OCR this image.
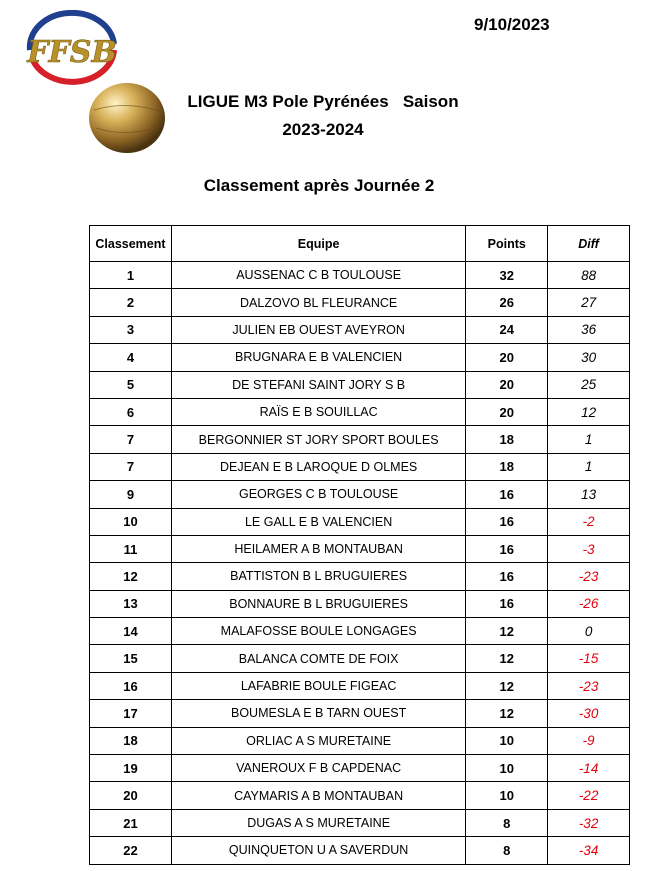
FFSB
9/10/2023
LIGUE M3 Pole Pyrénées   Saison
2023-2024
Classement après Journée 2
Classement	Equipe	Points	Diff
1	AUSSENAC C B TOULOUSE	32	88
2	DALZOVO BL FLEURANCE	26	27
3	JULIEN EB OUEST AVEYRON	24	36
4	BRUGNARA E B VALENCIEN	20	30
5	DE STEFANI SAINT JORY S B	20	25
6	RAÏS E B SOUILLAC	20	12
7	BERGONNIER ST JORY SPORT BOULES	18	1
7	DEJEAN E B LAROQUE D OLMES	18	1
9	GEORGES C B TOULOUSE	16	13
10	LE GALL E B VALENCIEN	16	-2
11	HEILAMER A B MONTAUBAN	16	-3
12	BATTISTON B L BRUGUIERES	16	-23
13	BONNAURE B L BRUGUIERES	16	-26
14	MALAFOSSE BOULE LONGAGES	12	0
15	BALANCA COMTE DE FOIX	12	-15
16	LAFABRIE BOULE FIGEAC	12	-23
17	BOUMESLA E B TARN OUEST	12	-30
18	ORLIAC A S MURETAINE	10	-9
19	VANEROUX F B CAPDENAC	10	-14
20	CAYMARIS A B MONTAUBAN	10	-22
21	DUGAS A S MURETAINE	8	-32
22	QUINQUETON U A SAVERDUN	8	-34
